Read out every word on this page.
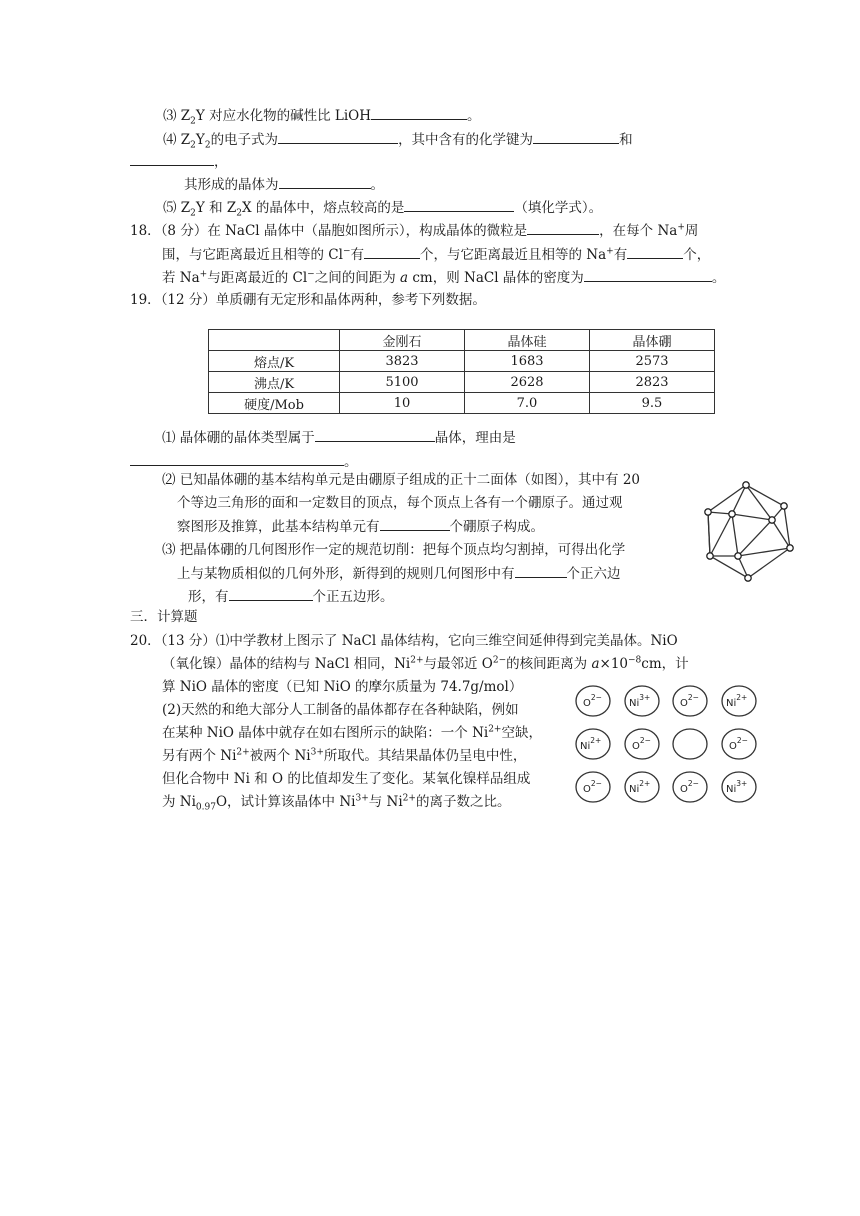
⑶ $Z_2Y$ 对应水化物的碱性比 LiOH	。
⑷ $Z_2Y_2$的电子式为	，其中含有的化学键为	和
，
其形成的晶体为	。
⑸ $Z_2Y$ 和 $Z_2X$ 的晶体中，熔点较高的是	（填化学式）。
18．（8 分）在 NaCl 晶体中（晶胞如图所示），构成晶体的微粒是	，在每个 Na+周
围，与它距离最近且相等的 Cl−有	个，与它距离最近且相等的 Na+有	个，
若 Na+与距离最近的 Cl−之间的间距为 a cm，则 NaCl 晶体的密度为	。
19．（12 分）单质硼有无定形和晶体两种，参考下列数据。
	金刚石	晶体硅	晶体硼
熔点/K	3823	1683	2573
沸点/K	5100	2628	2823
硬度/Mob	10	7.0	9.5
⑴ 晶体硼的晶体类型属于	晶体，理由是
。
⑵ 已知晶体硼的基本结构单元是由硼原子组成的正十二面体（如图），其中有 20
个等边三角形的面和一定数目的顶点，每个顶点上各有一个硼原子。通过观
察图形及推算，此基本结构单元有	个硼原子构成。
⑶ 把晶体硼的几何图形作一定的规范切削：把每个顶点均匀割掉，可得出化学
上与某物质相似的几何外形，新得到的规则几何图形中有	个正六边
形，有	个正五边形。
三．计算题
20．（13 分）⑴中学教材上图示了 NaCl 晶体结构，它向三维空间延伸得到完美晶体。NiO
（氧化镍）晶体的结构与 NaCl 相同，$Ni^{2+}$与最邻近 $O^{2-}$的核间距离为 $a\times 10^{-8}cm$，计
算 NiO 晶体的密度（已知 NiO 的摩尔质量为 74.7g/mol）
(2)天然的和绝大部分人工制备的晶体都存在各种缺陷，例如
在某种 NiO 晶体中就存在如右图所示的缺陷：一个 $Ni^{2+}$空缺，
另有两个 $Ni^{2+}$被两个 $Ni^{3+}$所取代。其结果晶体仍呈电中性，
但化合物中 Ni 和 O 的比值却发生了变化。某氧化镍样品组成
为 $Ni_{0.97}O$，试计算该晶体中 $Ni^{3+}$与 $Ni^{2+}$的离子数之比。
$O^{2-}$
$Ni^{3+}$
$O^{2-}$
$Ni^{2+}$
$Ni^{2+}$
$O^{2-}$
$O^{2-}$
$O^{2-}$
$Ni^{2+}$
$O^{2-}$
$Ni^{3+}$
